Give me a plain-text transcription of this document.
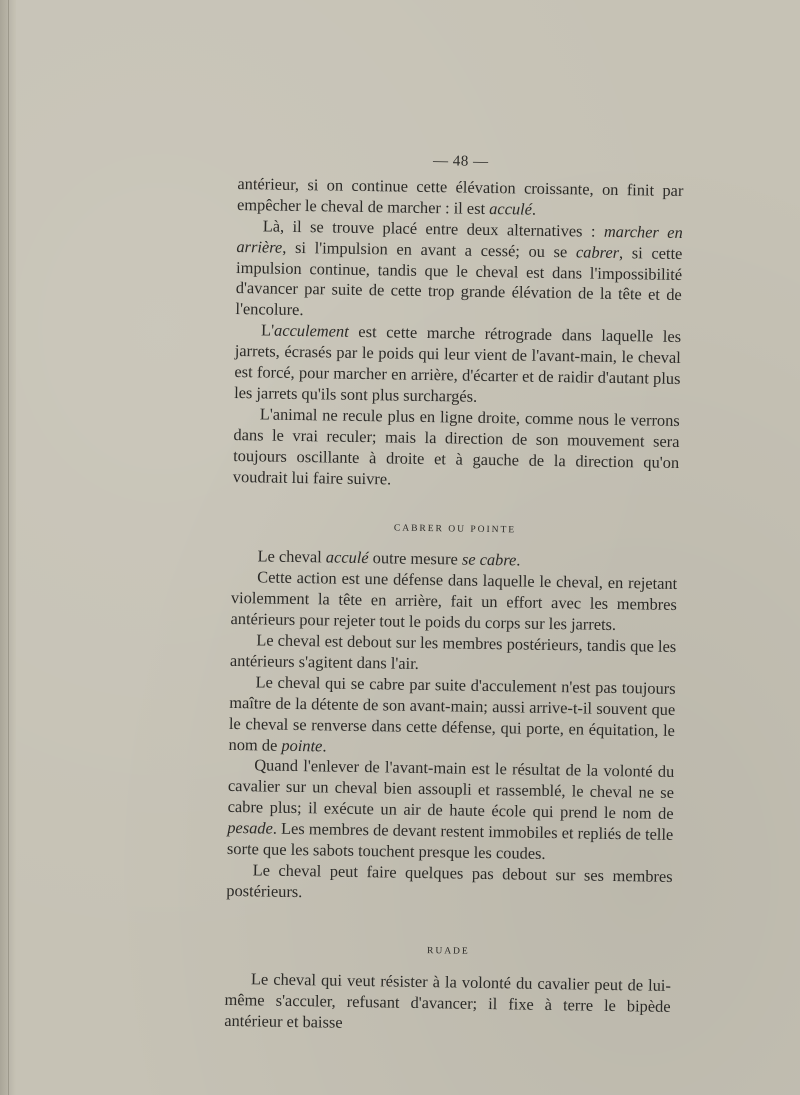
— 48 —

antérieur, si on continue cette élévation croissante, on finit par empêcher le cheval de marcher : il est acculé.

Là, il se trouve placé entre deux alternatives : marcher en arrière, si l'impulsion en avant a cessé; ou se cabrer, si cette impulsion continue, tandis que le cheval est dans l'impossibilité d'avancer par suite de cette trop grande élévation de la tête et de l'encolure.

L'acculement est cette marche rétrograde dans laquelle les jarrets, écrasés par le poids qui leur vient de l'avant-main, le cheval est forcé, pour marcher en arrière, d'écarter et de raidir d'autant plus les jarrets qu'ils sont plus surchargés.

L'animal ne recule plus en ligne droite, comme nous le verrons dans le vrai reculer; mais la direction de son mouvement sera toujours oscillante à droite et à gauche de la direction qu'on voudrait lui faire suivre.

CABRER OU POINTE

Le cheval acculé outre mesure se cabre.

Cette action est une défense dans laquelle le cheval, en rejetant violemment la tête en arrière, fait un effort avec les membres antérieurs pour rejeter tout le poids du corps sur les jarrets.

Le cheval est debout sur les membres postérieurs, tandis que les antérieurs s'agitent dans l'air.

Le cheval qui se cabre par suite d'acculement n'est pas toujours maître de la détente de son avant-main; aussi arrive-t-il souvent que le cheval se renverse dans cette défense, qui porte, en équitation, le nom de pointe.

Quand l'enlever de l'avant-main est le résultat de la volonté du cavalier sur un cheval bien assoupli et rassemblé, le cheval ne se cabre plus; il exécute un air de haute école qui prend le nom de pesade. Les membres de devant restent immobiles et repliés de telle sorte que les sabots touchent presque les coudes.

Le cheval peut faire quelques pas debout sur ses membres postérieurs.

RUADE

Le cheval qui veut résister à la volonté du cavalier peut de lui-même s'acculer, refusant d'avancer; il fixe à terre le bipède antérieur et baisse
